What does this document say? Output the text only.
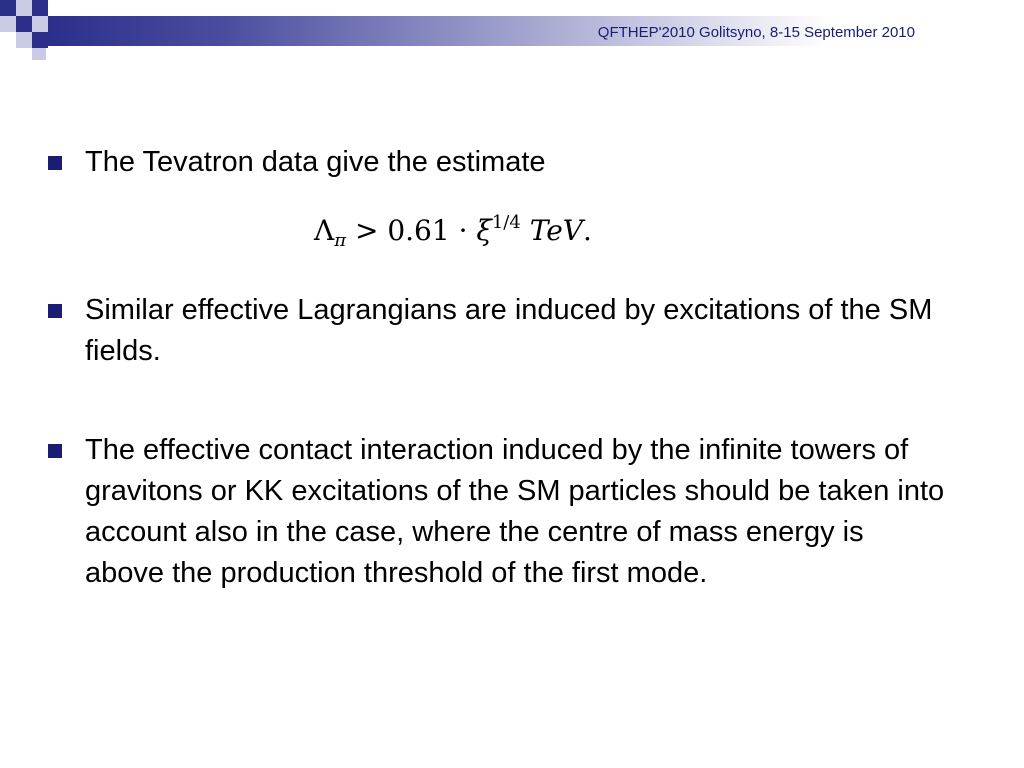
QFTHEP'2010 Golitsyno, 8-15 September 2010
The Tevatron data give the estimate
$\Lambda_\pi > 0.61 \cdot \xi^{1/4}$ TeV.
Similar effective Lagrangians are induced by excitations of the SM fields.
The effective contact interaction induced by the infinite towers of gravitons or KK excitations of the SM particles should be taken into account also in the case, where the centre of mass energy is above the production threshold of the first mode.
